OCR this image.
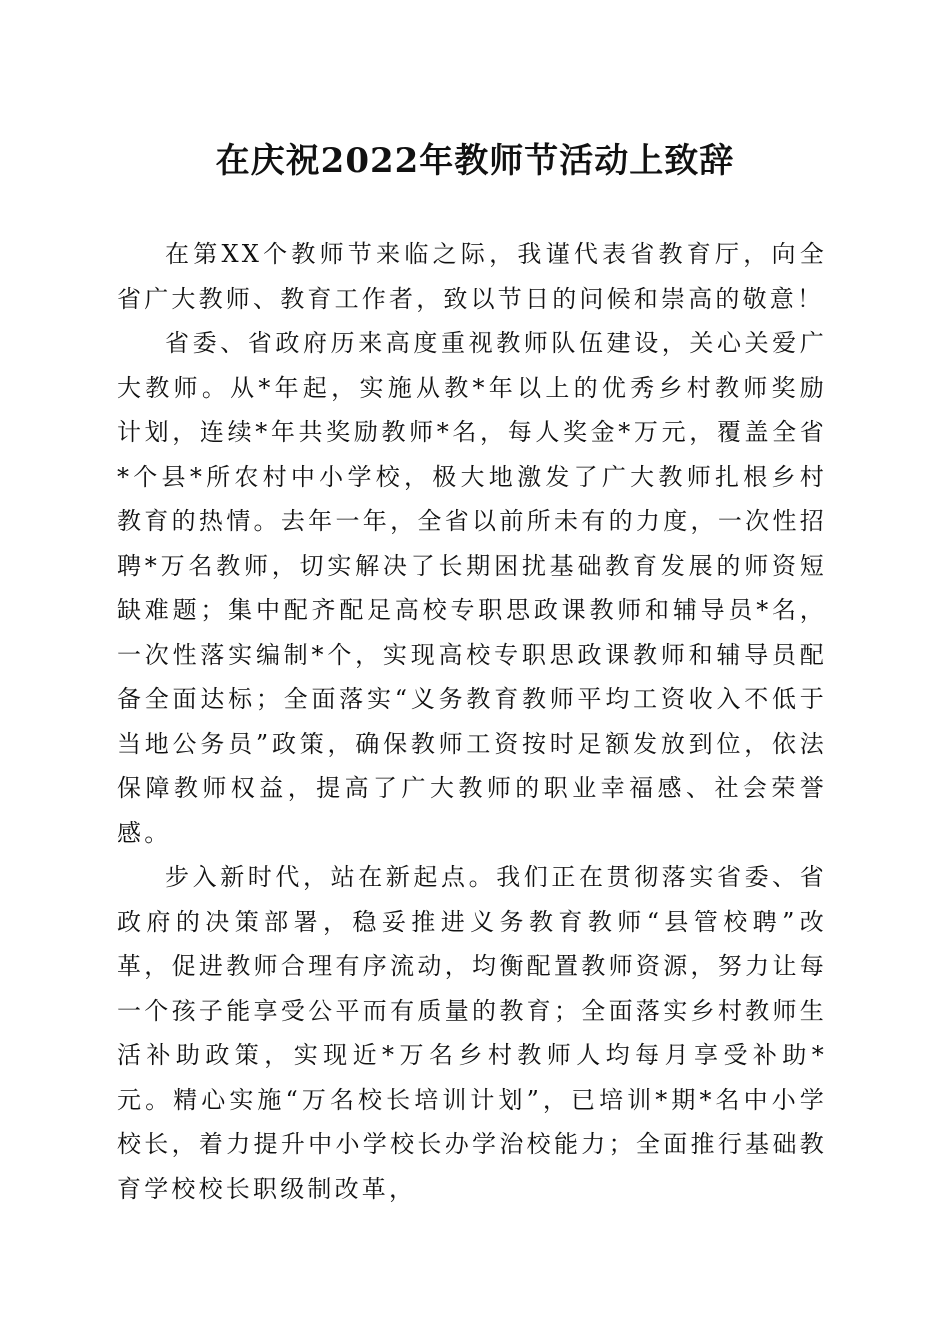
在庆祝2022年教师节活动上致辞

在第XX个教师节来临之际，我谨代表省教育厅，向全省广大教师、教育工作者，致以节日的问候和崇高的敬意！

省委、省政府历来高度重视教师队伍建设，关心关爱广大教师。从*年起，实施从教*年以上的优秀乡村教师奖励计划，连续*年共奖励教师*名，每人奖金*万元，覆盖全省*个县*所农村中小学校，极大地激发了广大教师扎根乡村教育的热情。去年一年，全省以前所未有的力度，一次性招聘*万名教师，切实解决了长期困扰基础教育发展的师资短缺难题；集中配齐配足高校专职思政课教师和辅导员*名，一次性落实编制*个，实现高校专职思政课教师和辅导员配备全面达标；全面落实“义务教育教师平均工资收入不低于当地公务员”政策，确保教师工资按时足额发放到位，依法保障教师权益，提高了广大教师的职业幸福感、社会荣誉感。

步入新时代，站在新起点。我们正在贯彻落实省委、省政府的决策部署，稳妥推进义务教育教师“县管校聘”改革，促进教师合理有序流动，均衡配置教师资源，努力让每一个孩子能享受公平而有质量的教育；全面落实乡村教师生活补助政策，实现近*万名乡村教师人均每月享受补助*元。精心实施“万名校长培训计划”，已培训*期*名中小学校长，着力提升中小学校长办学治校能力；全面推行基础教育学校校长职级制改革，
